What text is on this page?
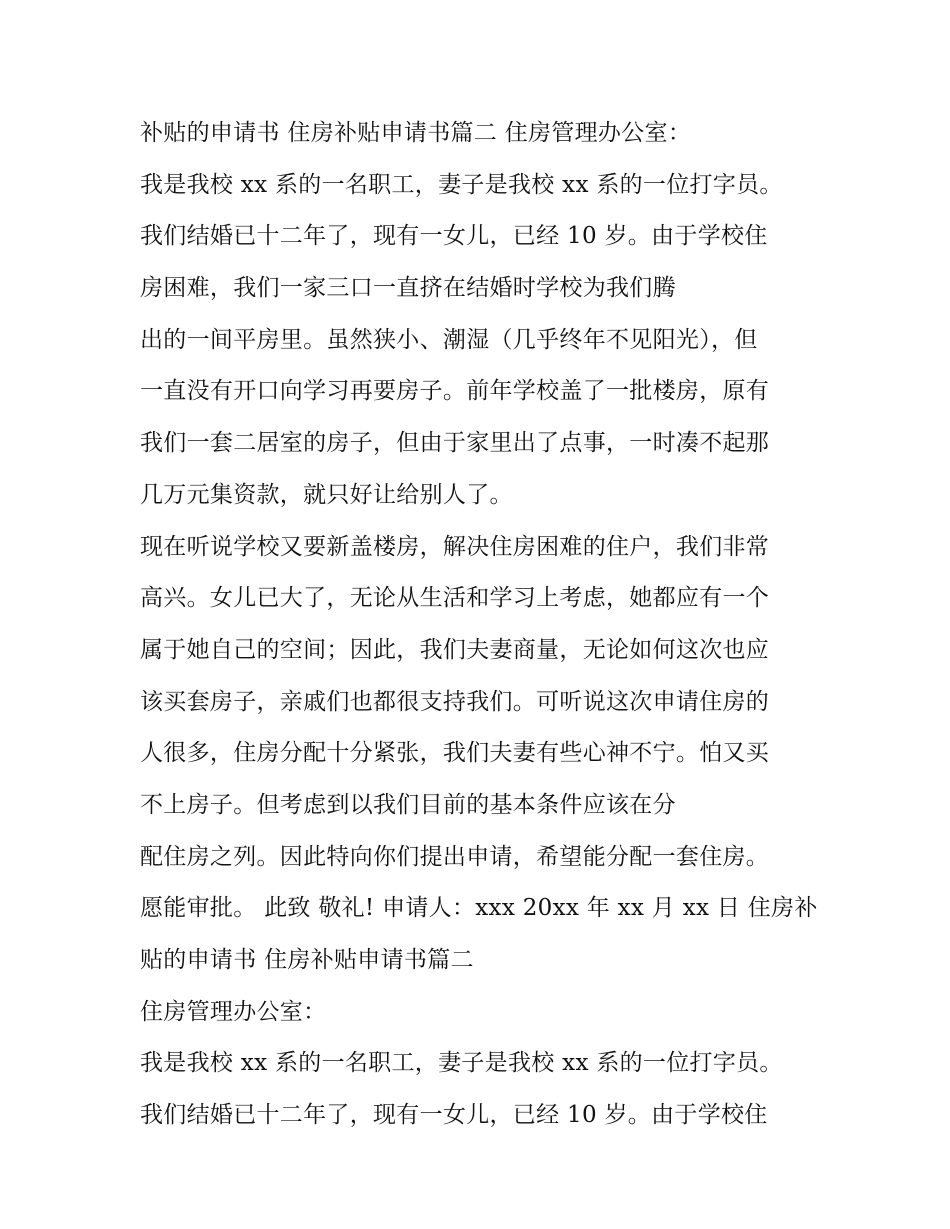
补贴的申请书 住房补贴申请书篇二 住房管理办公室：
我是我校 xx 系的一名职工，妻子是我校 xx 系的一位打字员。
我们结婚已十二年了，现有一女儿，已经 10 岁。由于学校住
房困难，我们一家三口一直挤在结婚时学校为我们腾
出的一间平房里。虽然狭小、潮湿（几乎终年不见阳光），但
一直没有开口向学习再要房子。前年学校盖了一批楼房，原有
我们一套二居室的房子，但由于家里出了点事，一时凑不起那
几万元集资款，就只好让给别人了。
现在听说学校又要新盖楼房，解决住房困难的住户，我们非常
高兴。女儿已大了，无论从生活和学习上考虑，她都应有一个
属于她自己的空间；因此，我们夫妻商量，无论如何这次也应
该买套房子，亲戚们也都很支持我们。可听说这次申请住房的
人很多，住房分配十分紧张，我们夫妻有些心神不宁。怕又买
不上房子。但考虑到以我们目前的基本条件应该在分
配住房之列。因此特向你们提出申请，希望能分配一套住房。
愿能审批。 此致 敬礼! 申请人：xxx 20xx 年 xx 月 xx 日 住房补
贴的申请书 住房补贴申请书篇二
住房管理办公室：
我是我校 xx 系的一名职工，妻子是我校 xx 系的一位打字员。
我们结婚已十二年了，现有一女儿，已经 10 岁。由于学校住
